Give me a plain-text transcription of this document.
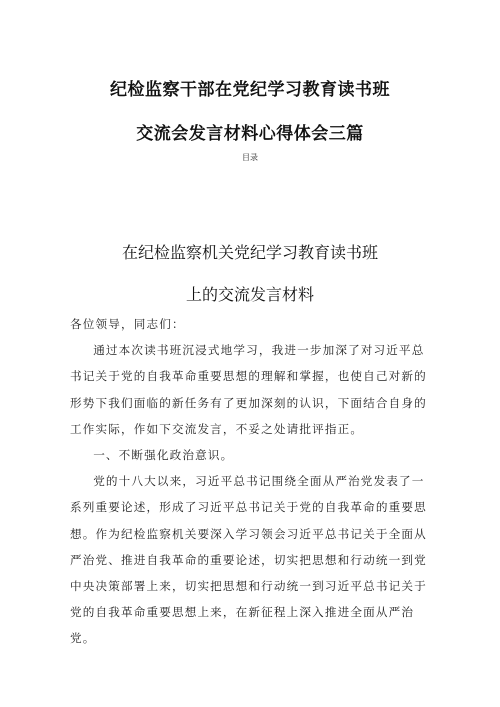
纪检监察干部在党纪学习教育读书班
交流会发言材料心得体会三篇
目录
在纪检监察机关党纪学习教育读书班
上的交流发言材料

各位领导，同志们：

通过本次读书班沉浸式地学习，我进一步加深了对习近平总书记关于党的自我革命重要思想的理解和掌握，也使自己对新的形势下我们面临的新任务有了更加深刻的认识，下面结合自身的工作实际，作如下交流发言，不妥之处请批评指正。

一、不断强化政治意识。

党的十八大以来，习近平总书记围绕全面从严治党发表了一系列重要论述，形成了习近平总书记关于党的自我革命的重要思想。作为纪检监察机关要深入学习领会习近平总书记关于全面从严治党、推进自我革命的重要论述，切实把思想和行动统一到党中央决策部署上来，切实把思想和行动统一到习近平总书记关于党的自我革命重要思想上来，在新征程上深入推进全面从严治党。
